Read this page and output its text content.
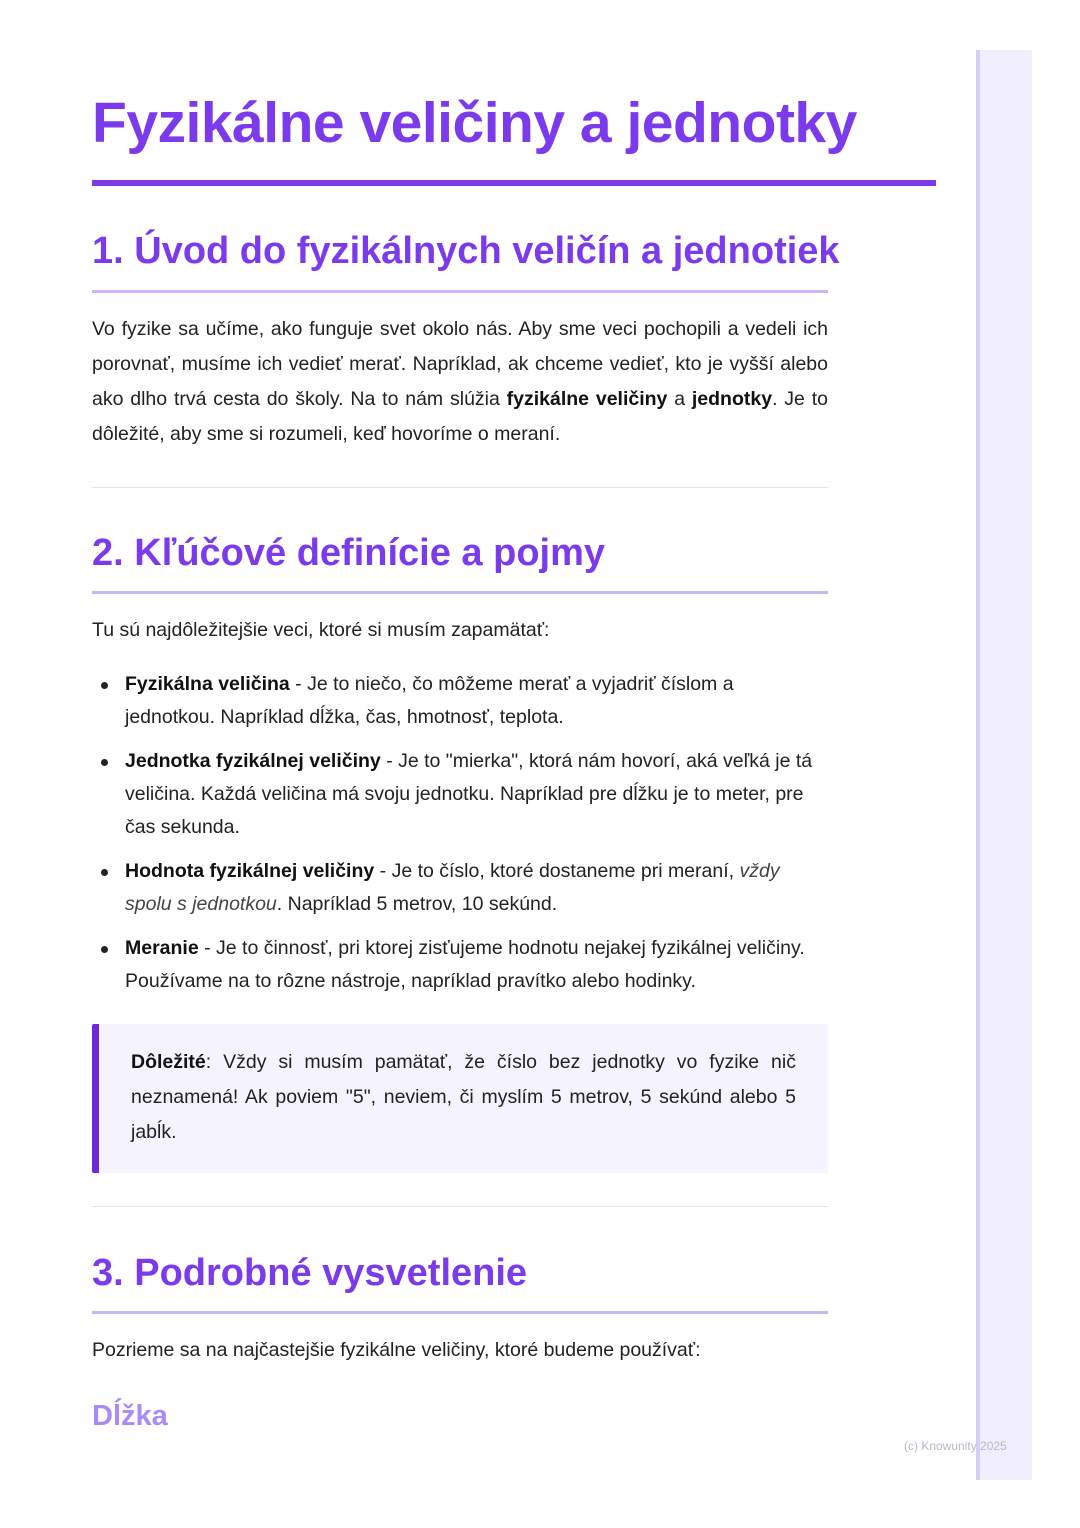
(c) Knowunity 2025
Fyzikálne veličiny a jednotky
1. Úvod do fyzikálnych veličín a jednotiek

Vo fyzike sa učíme, ako funguje svet okolo nás. Aby sme veci pochopili a vedeli ich porovnať, musíme ich vedieť merať. Napríklad, ak chceme vedieť, kto je vyšší alebo ako dlho trvá cesta do školy. Na to nám slúžia fyzikálne veličiny a jednotky. Je to dôležité, aby sme si rozumeli, keď hovoríme o meraní.

2. Kľúčové definície a pojmy

Tu sú najdôležitejšie veci, ktoré si musím zapamätať:

Fyzikálna veličina - Je to niečo, čo môžeme merať a vyjadriť číslom a jednotkou. Napríklad dĺžka, čas, hmotnosť, teplota.
Jednotka fyzikálnej veličiny - Je to "mierka", ktorá nám hovorí, aká veľká je tá veličina. Každá veličina má svoju jednotku. Napríklad pre dĺžku je to meter, pre čas sekunda.
Hodnota fyzikálnej veličiny - Je to číslo, ktoré dostaneme pri meraní, vždy spolu s jednotkou. Napríklad 5 metrov, 10 sekúnd.
Meranie - Je to činnosť, pri ktorej zisťujeme hodnotu nejakej fyzikálnej veličiny. Používame na to rôzne nástroje, napríklad pravítko alebo hodinky.

Dôležité: Vždy si musím pamätať, že číslo bez jednotky vo fyzike nič neznamená! Ak poviem "5", neviem, či myslím 5 metrov, 5 sekúnd alebo 5 jabĺk.

3. Podrobné vysvetlenie

Pozrieme sa na najčastejšie fyzikálne veličiny, ktoré budeme používať:

Dĺžka
